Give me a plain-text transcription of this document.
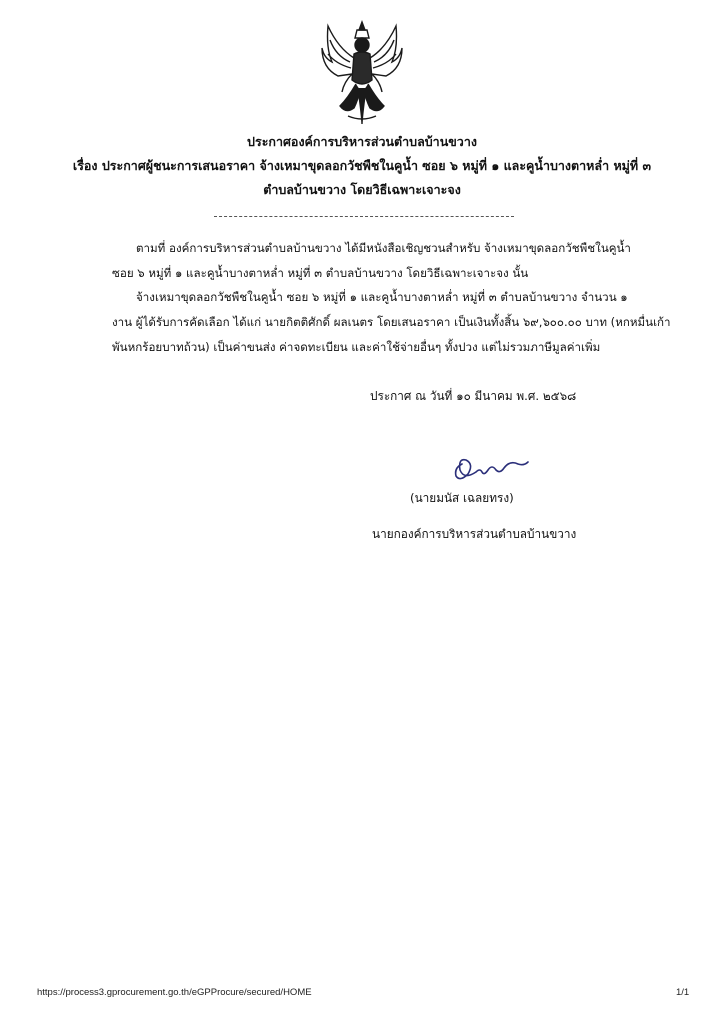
ประกาศองค์การบริหารส่วนตำบลบ้านขวาง
เรื่อง ประกาศผู้ชนะการเสนอราคา จ้างเหมาขุดลอกวัชพืชในคูน้ำ ซอย ๖ หมู่ที่ ๑ และคูน้ำบางตาหล่ำ หมู่ที่ ๓
ตำบลบ้านขวาง โดยวิธีเฉพาะเจาะจง
ตามที่ องค์การบริหารส่วนตำบลบ้านขวาง ได้มีหนังสือเชิญชวนสำหรับ จ้างเหมาขุดลอกวัชพืชในคูน้ำ
ซอย ๖ หมู่ที่ ๑ และคูน้ำบางตาหล่ำ หมู่ที่ ๓ ตำบลบ้านขวาง โดยวิธีเฉพาะเจาะจง นั้น
จ้างเหมาขุดลอกวัชพืชในคูน้ำ ซอย ๖ หมู่ที่ ๑ และคูน้ำบางตาหล่ำ หมู่ที่ ๓ ตำบลบ้านขวาง จำนวน ๑
งาน ผู้ได้รับการคัดเลือก ได้แก่ นายกิตติศักดิ์ ผลเนตร โดยเสนอราคา เป็นเงินทั้งสิ้น ๖๙,๖๐๐.๐๐ บาท (หกหมื่นเก้า
พันหกร้อยบาทถ้วน) เป็นค่าขนส่ง ค่าจดทะเบียน และค่าใช้จ่ายอื่นๆ ทั้งปวง แต่ไม่รวมภาษีมูลค่าเพิ่ม
ประกาศ ณ วันที่ ๑๐ มีนาคม พ.ศ. ๒๕๖๘
(นายมนัส เฉลยทรง)
นายกองค์การบริหารส่วนตำบลบ้านขวาง
https://process3.gprocurement.go.th/eGPProcure/secured/HOME	1/1
